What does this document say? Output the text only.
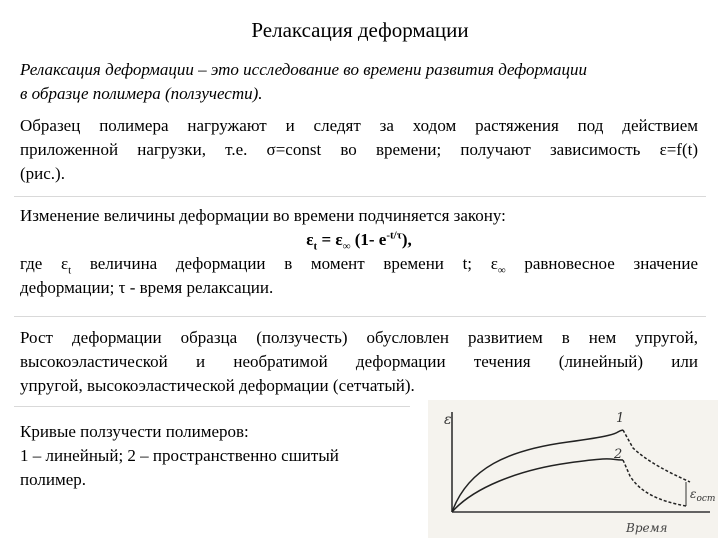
Релаксация деформации
Релаксация деформации – это исследование во времени развития деформации
в образце полимера (ползучести).
Образец полимера нагружают и следят за ходом растяжения под действием
приложенной нагрузки, т.е. σ=const во времени; получают зависимость ε=f(t)
(рис.).
Изменение величины деформации во времени подчиняется закону:
$\varepsilon_t = \varepsilon_\infty$ (1- $e^{-t/\tau}$),
где $\varepsilon_t$ величина деформации в момент времени t; $\varepsilon_\infty$ равновесное значение
деформации; τ - время релаксации.
Рост деформации образца (ползучесть) обусловлен развитием в нем упругой,
высокоэластической и необратимой деформации течения (линейный) или
упругой, высокоэластической деформации (сетчатый).
Кривые ползучести полимеров:
1 – линейный; 2 – пространственно сшитый
полимер.
ε
Время
1
2
$\varepsilon_{ост}$
